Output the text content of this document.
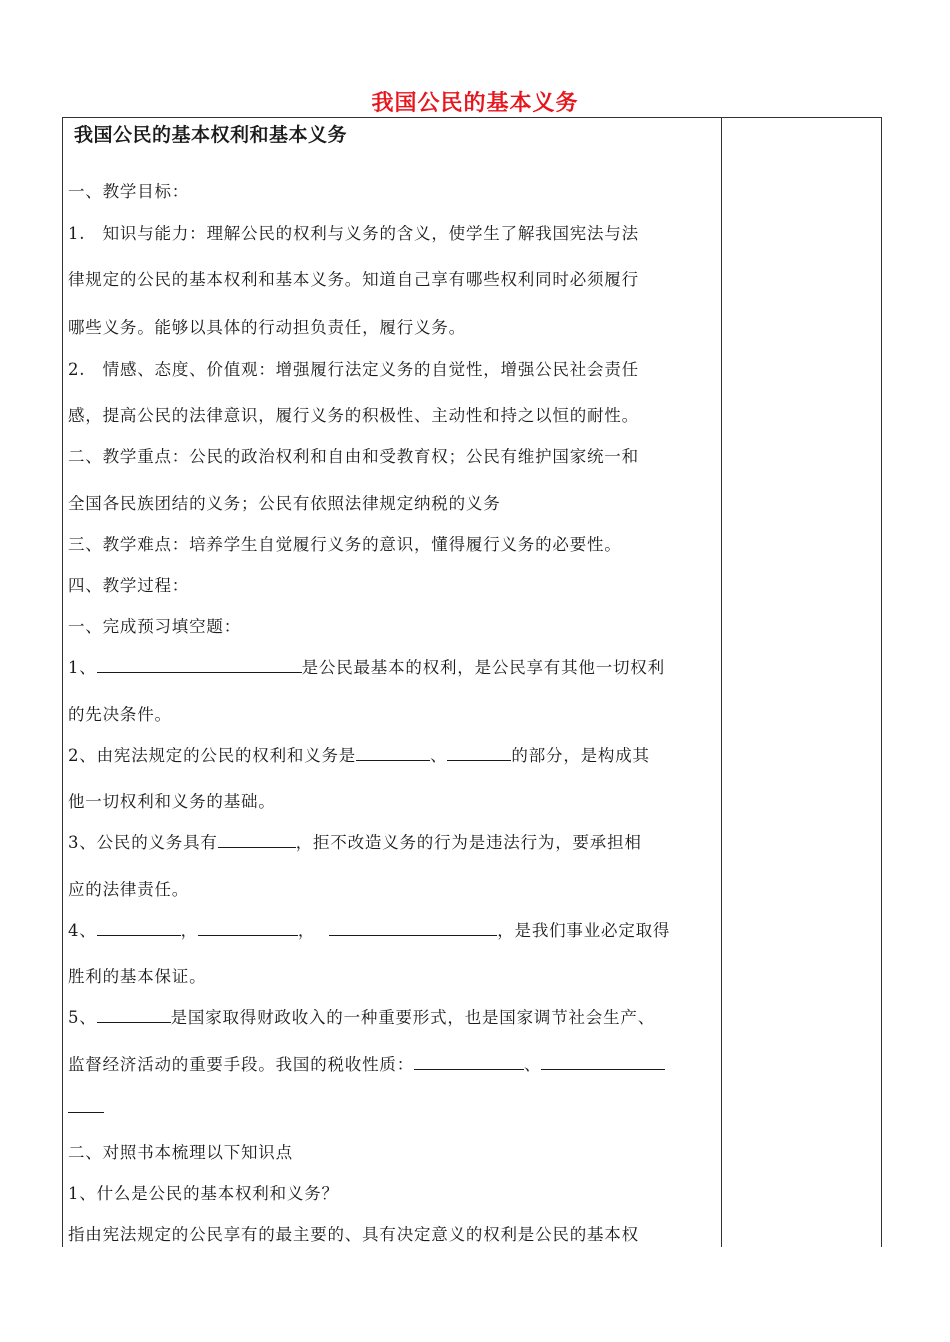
我国公民的基本义务
我国公民的基本权利和基本义务
一、教学目标：
1.　知识与能力：理解公民的权利与义务的含义，使学生了解我国宪法与法
律规定的公民的基本权利和基本义务。知道自己享有哪些权利同时必须履行
哪些义务。能够以具体的行动担负责任，履行义务。
2.　情感、态度、价值观：增强履行法定义务的自觉性，增强公民社会责任
感，提高公民的法律意识，履行义务的积极性、主动性和持之以恒的耐性。
二、教学重点：公民的政治权利和自由和受教育权；公民有维护国家统一和
全国各民族团结的义务；公民有依照法律规定纳税的义务
三、教学难点：培养学生自觉履行义务的意识，懂得履行义务的必要性。
四、教学过程：
一、完成预习填空题：
1、	是公民最基本的权利，是公民享有其他一切权利
的先决条件。
2、由宪法规定的公民的权利和义务是	、	的部分，是构成其
他一切权利和义务的基础。
3、公民的义务具有	，拒不改造义务的行为是违法行为，要承担相
应的法律责任。
4、	，	，	，是我们事业必定取得
胜利的基本保证。
5、	是国家取得财政收入的一种重要形式，也是国家调节社会生产、
监督经济活动的重要手段。我国的税收性质：	、
二、对照书本梳理以下知识点
1、什么是公民的基本权利和义务？
指由宪法规定的公民享有的最主要的、具有决定意义的权利是公民的基本权
